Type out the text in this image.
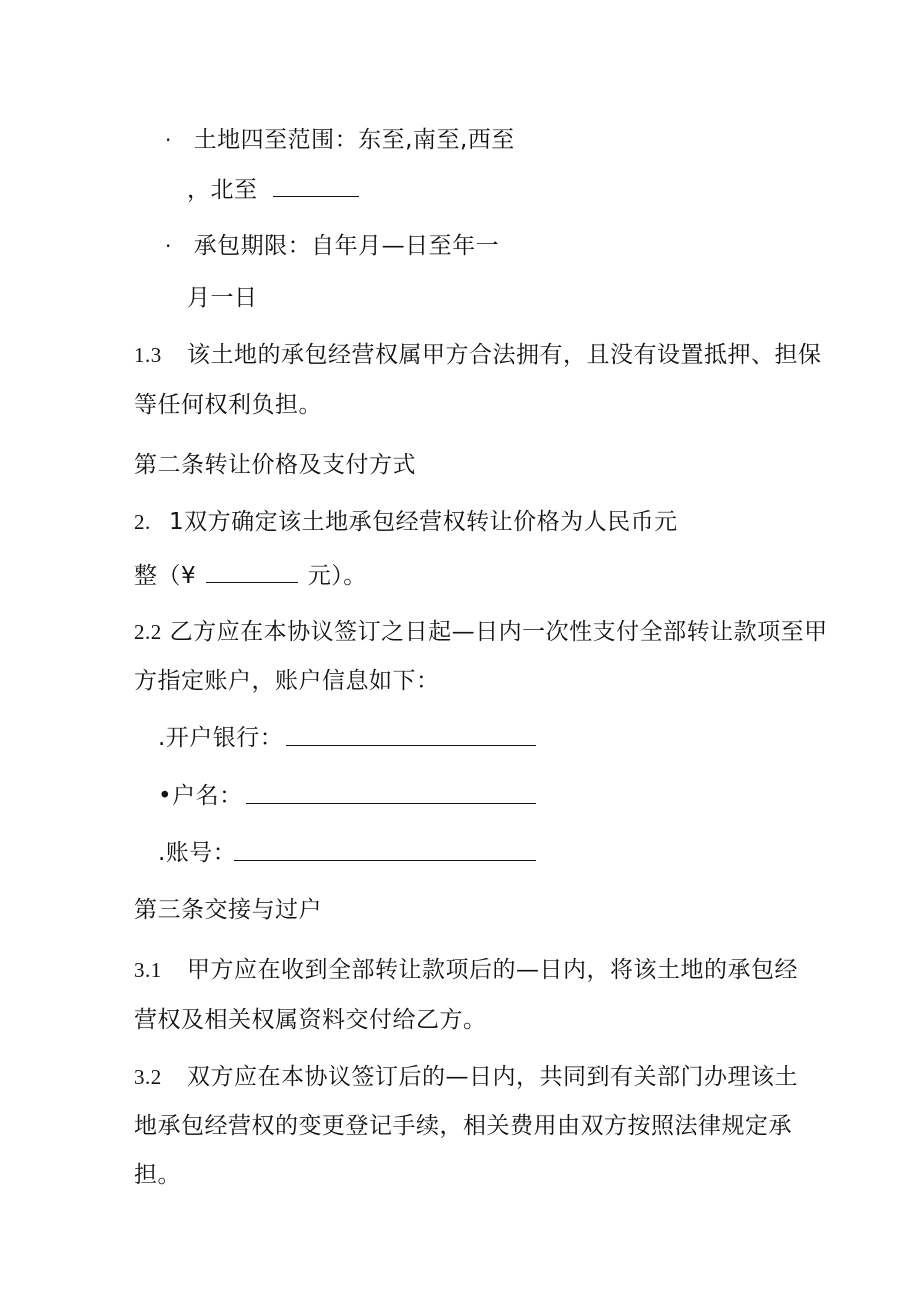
· 土地四至范围：东至,南至,西至
，北至
· 承包期限：自年月—日至年一
月一日
1.3 该土地的承包经营权属甲方合法拥有，且没有设置抵押、担保
等任何权利负担。
第二条转让价格及支付方式
2. 1双方确定该土地承包经营权转让价格为人民币元
整（¥	元）。
2.2 乙方应在本协议签订之日起—日内一次性支付全部转让款项至甲
方指定账户，账户信息如下：
.开户银行：
•户名：
.账号：
第三条交接与过户
3.1 甲方应在收到全部转让款项后的—日内，将该土地的承包经
营权及相关权属资料交付给乙方。
3.2 双方应在本协议签订后的—日内，共同到有关部门办理该土
地承包经营权的变更登记手续，相关费用由双方按照法律规定承
担。
